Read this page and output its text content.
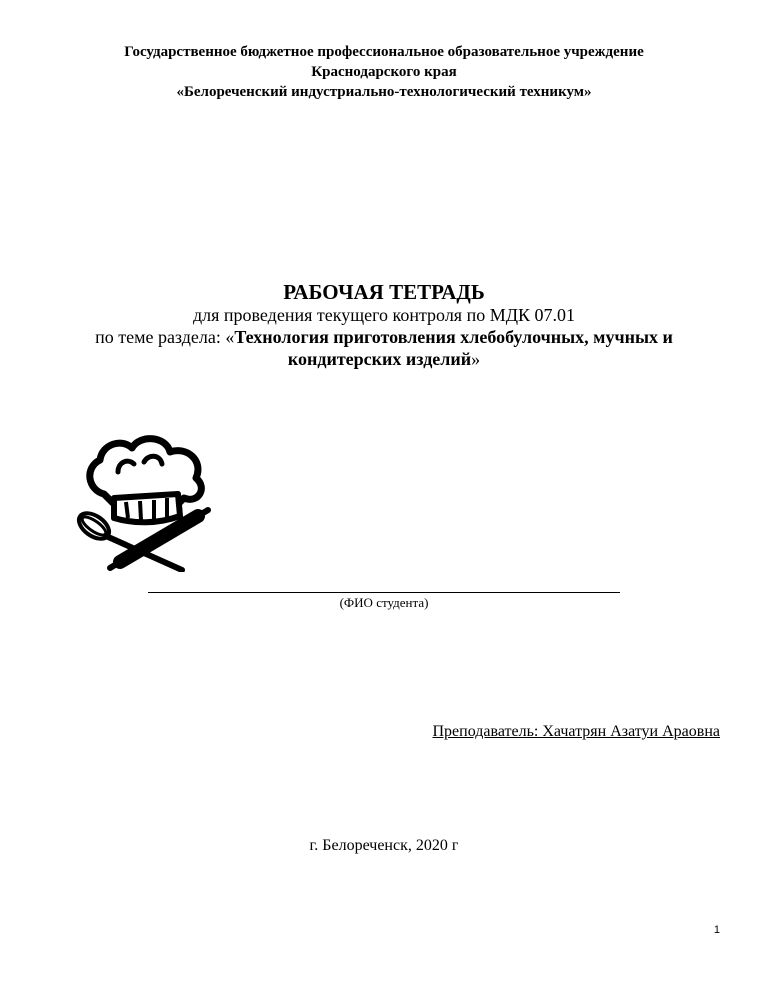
Государственное бюджетное профессиональное образовательное учреждение
Краснодарского края
«Белореченский индустриально-технологический техникум»
РАБОЧАЯ ТЕТРАДЬ
для проведения текущего контроля по МДК 07.01
по теме раздела: «Технология приготовления хлебобулочных, мучных и
кондитерских изделий»
(ФИО студента)
Преподаватель: Хачатрян Азатуи Араовна
г. Белореченск, 2020 г
1
